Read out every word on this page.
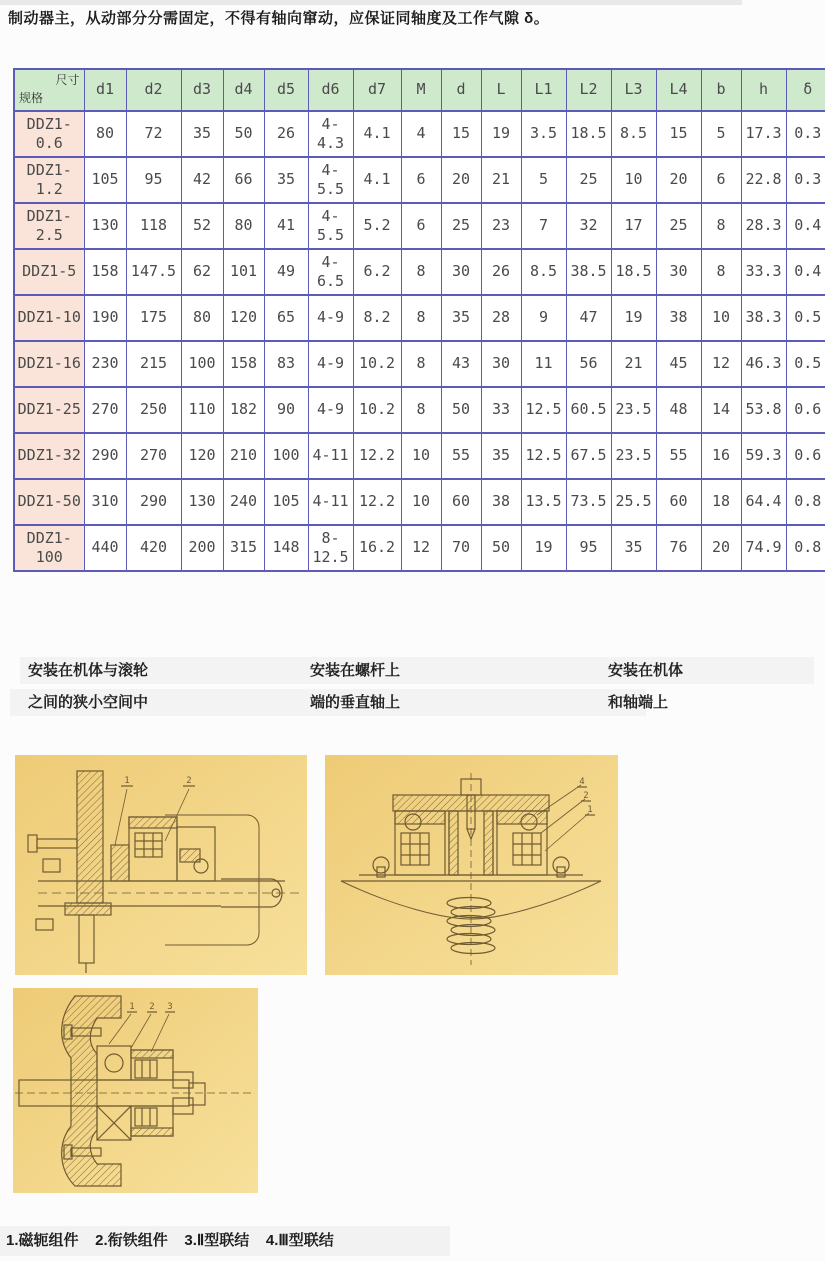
制动器主，从动部分分需固定，不得有轴向窜动，应保证同轴度及工作气隙 δ。
尺寸
规格	d1	d2	d3	d4	d5	d6	d7	M	d	L	L1	L2	L3	L4	b	h	δ
DDZ1-0.6	80	72	35	50	26	4-4.3	4.1	4	15	19	3.5	18.5	8.5	15	5	17.3	0.3
DDZ1-1.2	105	95	42	66	35	4-5.5	4.1	6	20	21	5	25	10	20	6	22.8	0.3
DDZ1-2.5	130	118	52	80	41	4-5.5	5.2	6	25	23	7	32	17	25	8	28.3	0.4
DDZ1-5	158	147.5	62	101	49	4-6.5	6.2	8	30	26	8.5	38.5	18.5	30	8	33.3	0.4
DDZ1-10	190	175	80	120	65	4-9	8.2	8	35	28	9	47	19	38	10	38.3	0.5
DDZ1-16	230	215	100	158	83	4-9	10.2	8	43	30	11	56	21	45	12	46.3	0.5
DDZ1-25	270	250	110	182	90	4-9	10.2	8	50	33	12.5	60.5	23.5	48	14	53.8	0.6
DDZ1-32	290	270	120	210	100	4-11	12.2	10	55	35	12.5	67.5	23.5	55	16	59.3	0.6
DDZ1-50	310	290	130	240	105	4-11	12.2	10	60	38	13.5	73.5	25.5	60	18	64.4	0.8
DDZ1-100	440	420	200	315	148	8-12.5	16.2	12	70	50	19	95	35	76	20	74.9	0.8
安装在机体与滚轮
之间的狭小空间中
安装在螺杆上
端的垂直轴上
安装在机体
和轴端上
1	2	4
2
1
1 2 3
1.磁轭组件    2.衔铁组件    3.Ⅱ型联结    4.Ⅲ型联结
